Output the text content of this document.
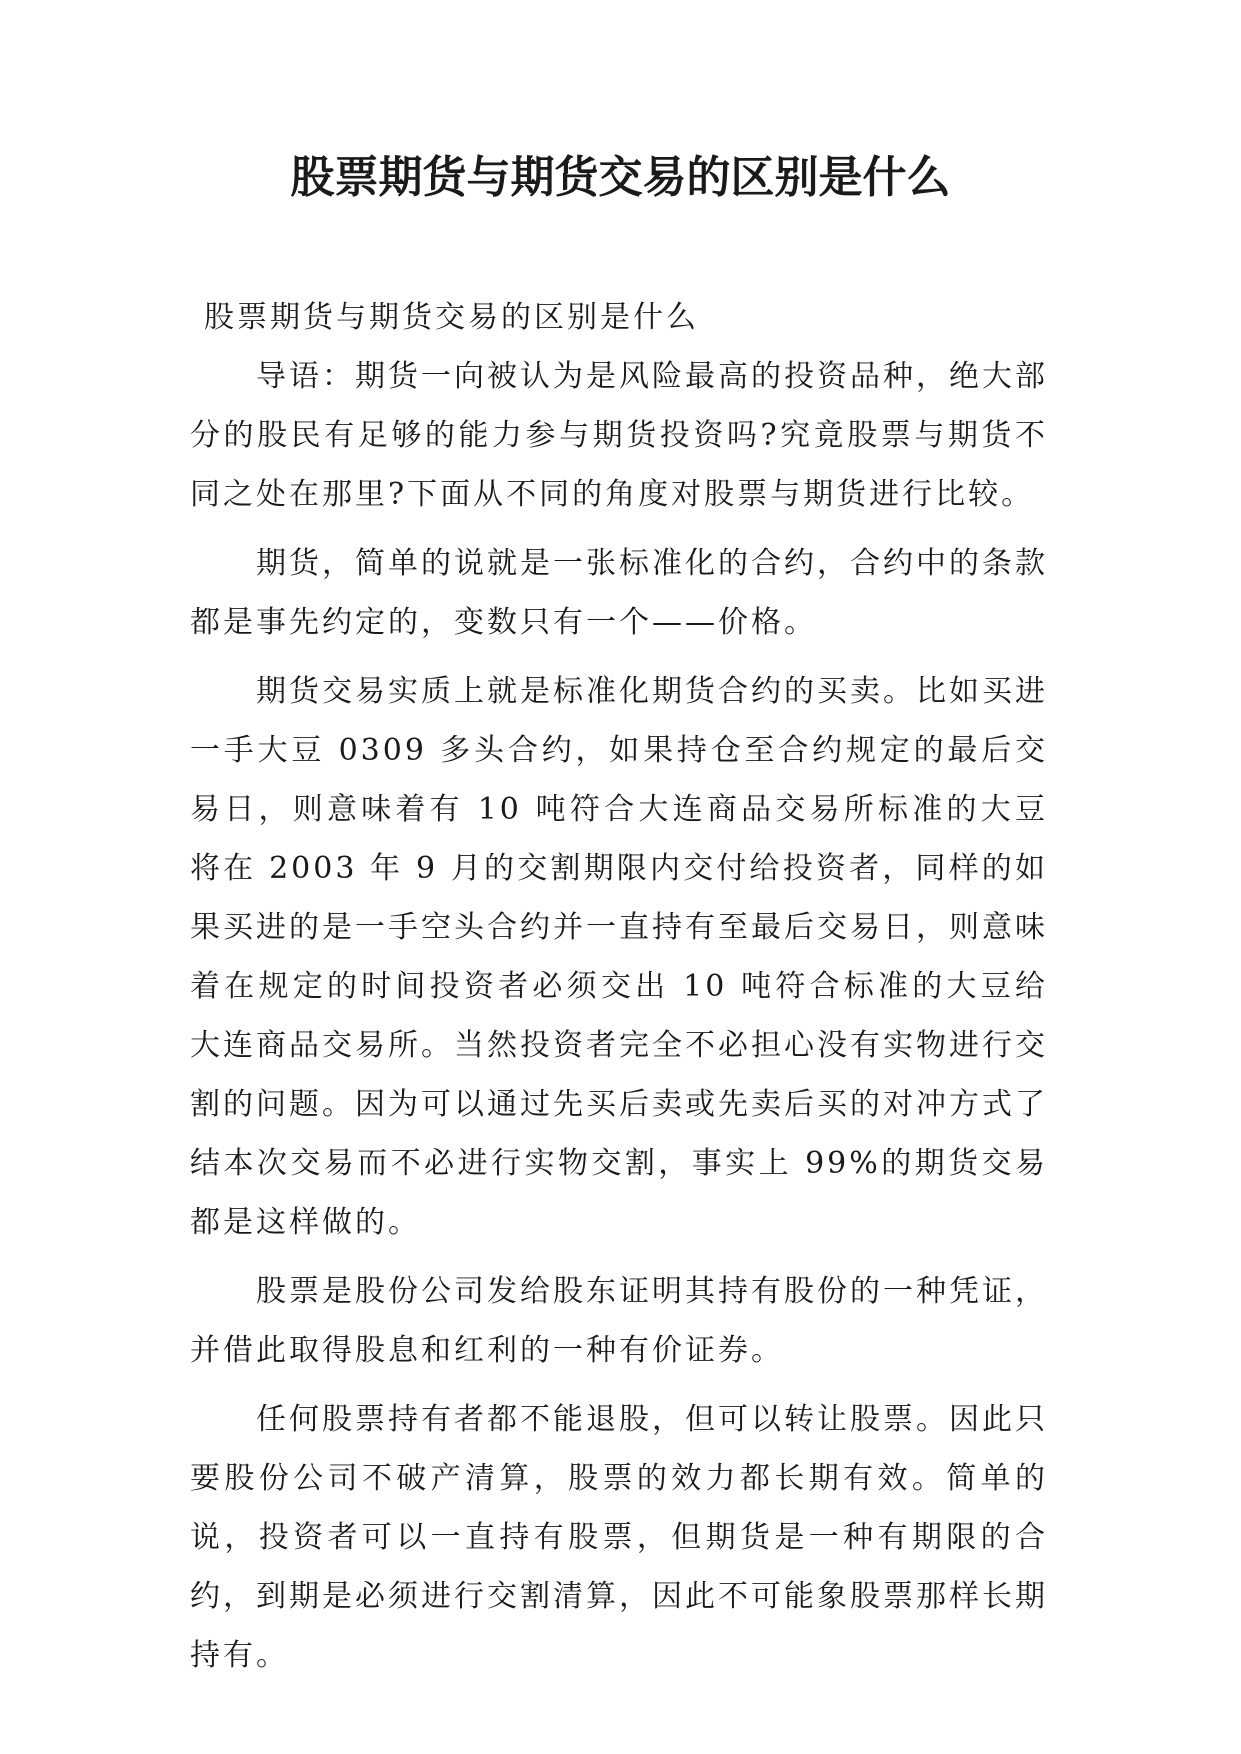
股票期货与期货交易的区别是什么

股票期货与期货交易的区别是什么

导语：期货一向被认为是风险最高的投资品种，绝大部分的股民有足够的能力参与期货投资吗?究竟股票与期货不同之处在那里?下面从不同的角度对股票与期货进行比较。

期货，简单的说就是一张标准化的合约，合约中的条款都是事先约定的，变数只有一个——价格。

期货交易实质上就是标准化期货合约的买卖。比如买进一手大豆 0309 多头合约，如果持仓至合约规定的最后交易日，则意味着有 10 吨符合大连商品交易所标准的大豆将在 2003 年 9 月的交割期限内交付给投资者，同样的如果买进的是一手空头合约并一直持有至最后交易日，则意味着在规定的时间投资者必须交出 10 吨符合标准的大豆给大连商品交易所。当然投资者完全不必担心没有实物进行交割的问题。因为可以通过先买后卖或先卖后买的对冲方式了结本次交易而不必进行实物交割，事实上 99%的期货交易都是这样做的。

股票是股份公司发给股东证明其持有股份的一种凭证，并借此取得股息和红利的一种有价证券。

任何股票持有者都不能退股，但可以转让股票。因此只要股份公司不破产清算，股票的效力都长期有效。简单的说，投资者可以一直持有股票，但期货是一种有期限的合约，到期是必须进行交割清算，因此不可能象股票那样长期持有。
